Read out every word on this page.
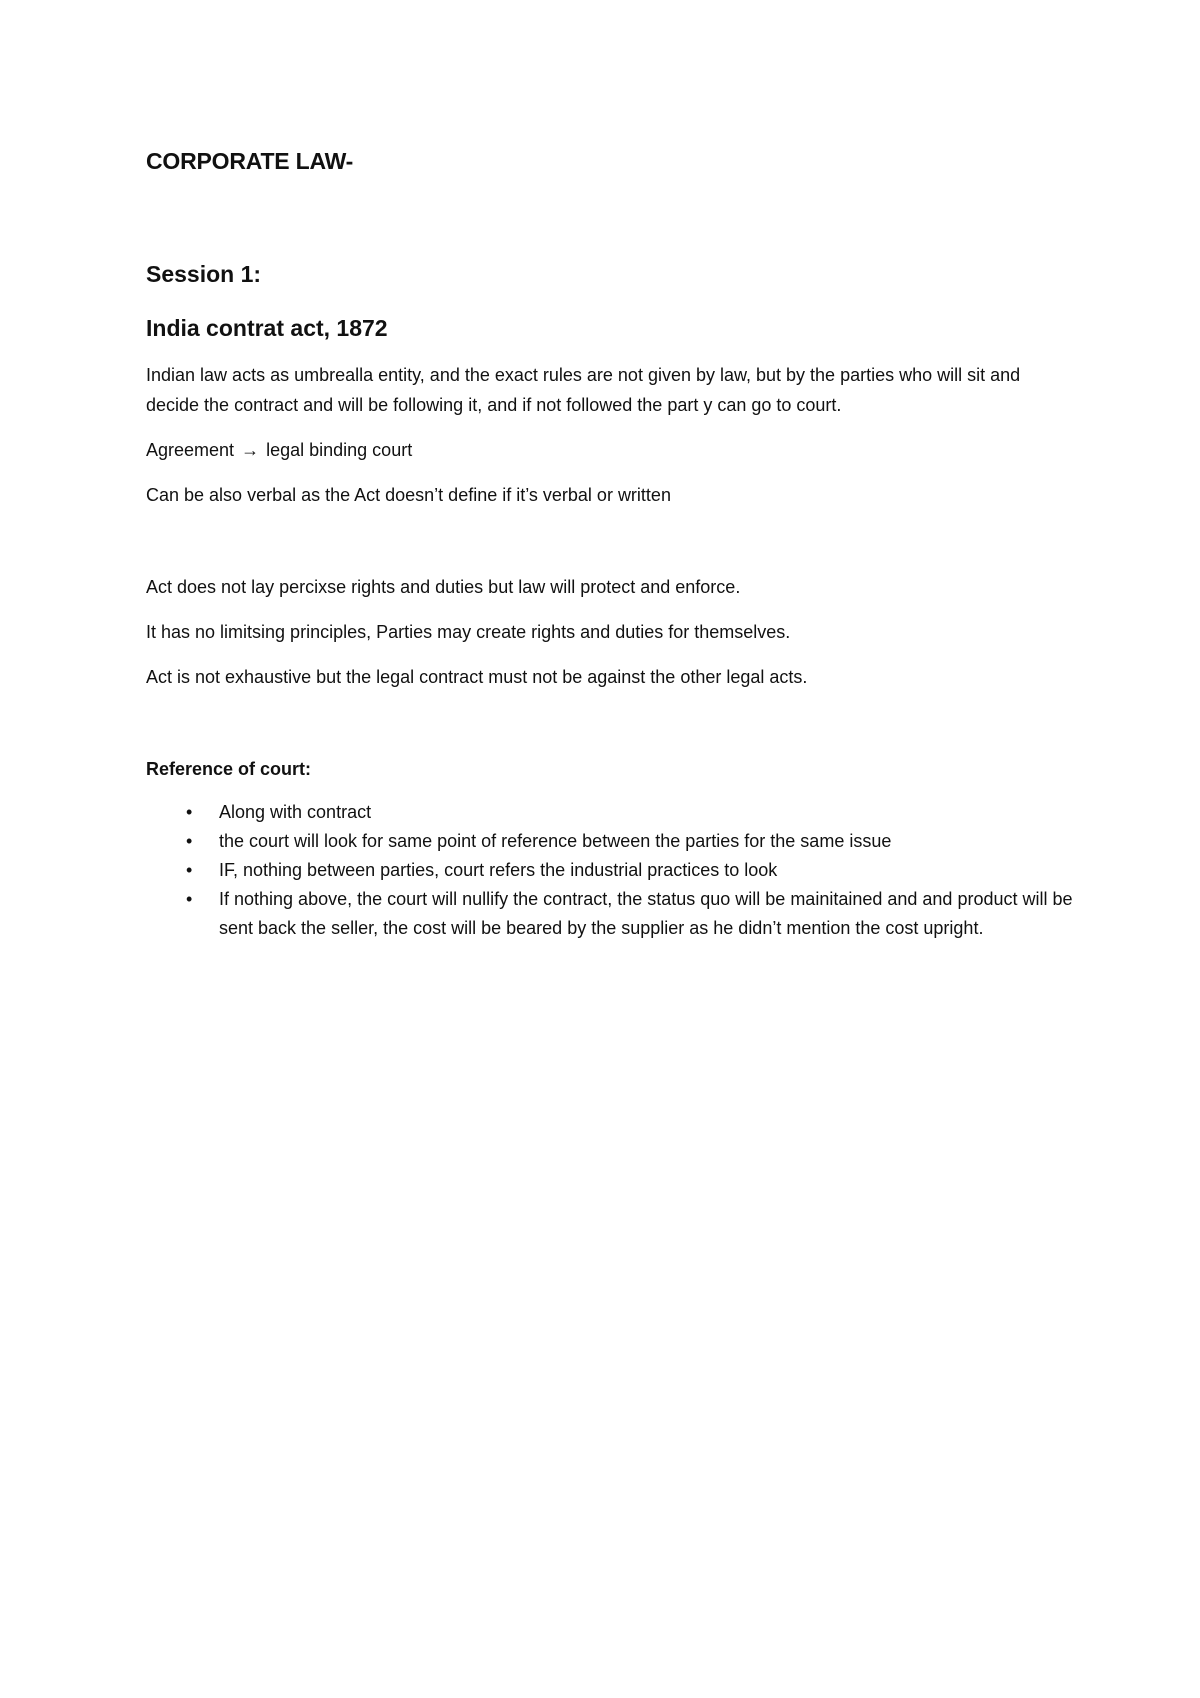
CORPORATE LAW-
Session 1:
India contrat act, 1872

Indian law acts as umbrealla entity, and the exact rules are not given by law, but by the parties who will sit and decide the contract and will be following it, and if not followed the part y can go to court.

Agreement → legal binding court

Can be also verbal as the Act doesn’t define if it’s verbal or written

Act does not lay percixse rights and duties but law will protect and enforce.

It has no limitsing principles, Parties may create rights and duties for themselves.

Act is not exhaustive but the legal contract must not be against the other legal acts.

Reference of court:

• Along with contract
• the court will look for same point of reference between the parties for the same issue
• IF, nothing between parties, court refers the industrial practices to look
• If nothing above, the court will nullify the contract, the status quo will be mainitained and and product will be sent back the seller, the cost will be beared by the supplier as he didn’t mention the cost upright.
